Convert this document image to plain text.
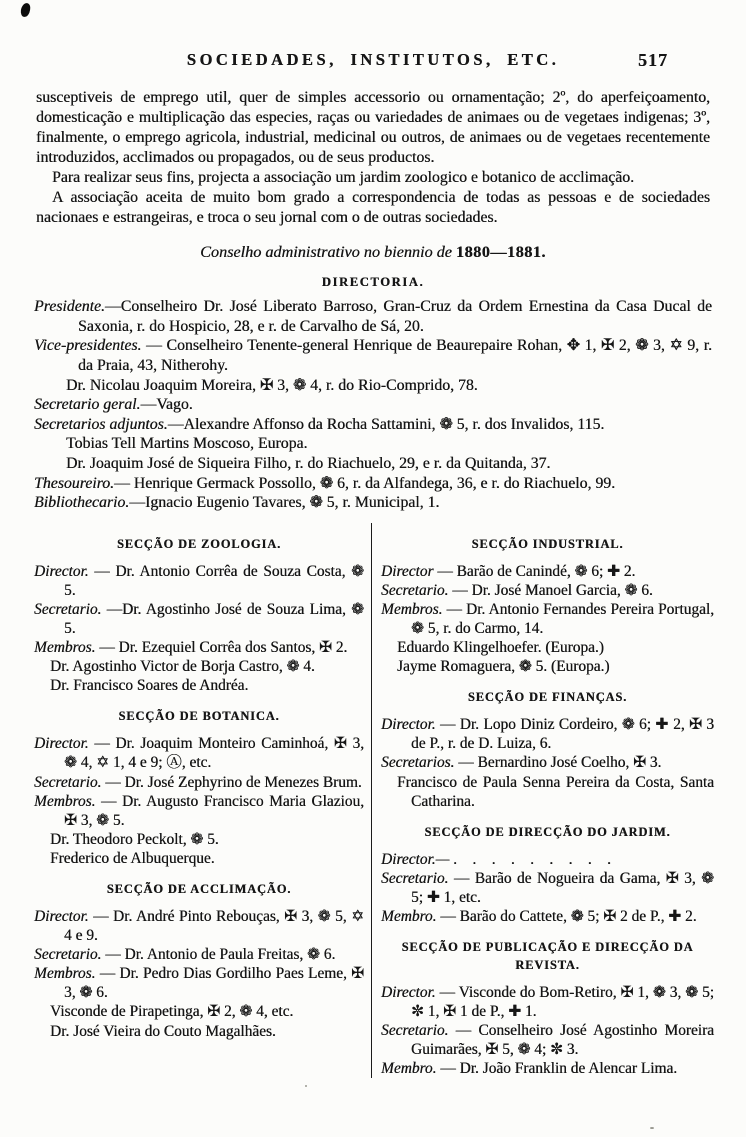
SOCIEDADES, INSTITUTOS, ETC.	517

susceptiveis de emprego util, quer de simples accessorio ou ornamentação; 2º, do aperfeiçoamento, domesticação e multiplicação das especies, raças ou variedades de animaes ou de vegetaes indigenas; 3º, finalmente, o emprego agricola, industrial, medicinal ou outros, de animaes ou de vegetaes recentemente introduzidos, acclimados ou propagados, ou de seus productos.

Para realizar seus fins, projecta a associação um jardim zoologico e botanico de acclimação.

A associação aceita de muito bom grado a correspondencia de todas as pessoas e de sociedades nacionaes e estrangeiras, e troca o seu jornal com o de outras sociedades.

Conselho administrativo no biennio de 1880—1881.
DIRECTORIA.

Presidente.—Conselheiro Dr. José Liberato Barroso, Gran-Cruz da Ordem Ernestina da Casa Ducal de Saxonia, r. do Hospicio, 28, e r. de Carvalho de Sá, 20.

Vice-presidentes. — Conselheiro Tenente-general Henrique de Beaurepaire Rohan, ✥ 1, ✠ 2, ❁ 3, ✡ 9, r. da Praia, 43, Nitherohy.

Dr. Nicolau Joaquim Moreira, ✠ 3, ❁ 4, r. do Rio-Comprido, 78.

Secretario geral.—Vago.

Secretarios adjuntos.—Alexandre Affonso da Rocha Sattamini, ❁ 5, r. dos Invalidos, 115.

Tobias Tell Martins Moscoso, Europa.

Dr. Joaquim José de Siqueira Filho, r. do Riachuelo, 29, e r. da Quitanda, 37.

Thesoureiro.— Henrique Germack Possollo, ❁ 6, r. da Alfandega, 36, e r. do Riachuelo, 99.

Bibliothecario.—Ignacio Eugenio Tavares, ❁ 5, r. Municipal, 1.

SECÇÃO DE ZOOLOGIA.

Director. — Dr. Antonio Corrêa de Souza Costa, ❁ 5.

Secretario. —Dr. Agostinho José de Souza Lima, ❁ 5.

Membros. — Dr. Ezequiel Corrêa dos Santos, ✠ 2.

Dr. Agostinho Victor de Borja Castro, ❁ 4.

Dr. Francisco Soares de Andréa.

SECÇÃO DE BOTANICA.

Director. — Dr. Joaquim Monteiro Caminhoá, ✠ 3, ❁ 4, ✡ 1, 4 e 9; Ⓐ, etc.

Secretario. — Dr. José Zephyrino de Menezes Brum.

Membros. — Dr. Augusto Francisco Maria Glaziou, ✠ 3, ❁ 5.

Dr. Theodoro Peckolt, ❁ 5.

Frederico de Albuquerque.

SECÇÃO DE ACCLIMAÇÃO.

Director. — Dr. André Pinto Rebouças, ✠ 3, ❁ 5, ✡ 4 e 9.

Secretario. — Dr. Antonio de Paula Freitas, ❁ 6.

Membros. — Dr. Pedro Dias Gordilho Paes Leme, ✠ 3, ❁ 6.

Visconde de Pirapetinga, ✠ 2, ❁ 4, etc.

Dr. José Vieira do Couto Magalhães.

SECÇÃO INDUSTRIAL.

Director — Barão de Canindé, ❁ 6; ✚ 2.

Secretario. — Dr. José Manoel Garcia, ❁ 6.

Membros. — Dr. Antonio Fernandes Pereira Portugal, ❁ 5, r. do Carmo, 14.

Eduardo Klingelhoefer. (Europa.)

Jayme Romaguera, ❁ 5. (Europa.)

SECÇÃO DE FINANÇAS.

Director. — Dr. Lopo Diniz Cordeiro, ❁ 6; ✚ 2, ✠ 3 de P., r. de D. Luiza, 6.

Secretarios. — Bernardino José Coelho, ✠ 3.

Francisco de Paula Senna Pereira da Costa, Santa Catharina.

SECÇÃO DE DIRECÇÃO DO JARDIM.

Director.— . . . . . . . . .

Secretario. — Barão de Nogueira da Gama, ✠ 3, ❁ 5; ✚ 1, etc.

Membro. — Barão do Cattete, ❁ 5; ✠ 2 de P., ✚ 2.

SECÇÃO DE PUBLICAÇÃO E DIRECÇÃO DA REVISTA.

Director. — Visconde do Bom-Retiro, ✠ 1, ❁ 3, ❁ 5; ✼ 1, ✠ 1 de P., ✚ 1.

Secretario. — Conselheiro José Agostinho Moreira Guimarães, ✠ 5, ❁ 4; ✼ 3.

Membro. — Dr. João Franklin de Alencar Lima.
